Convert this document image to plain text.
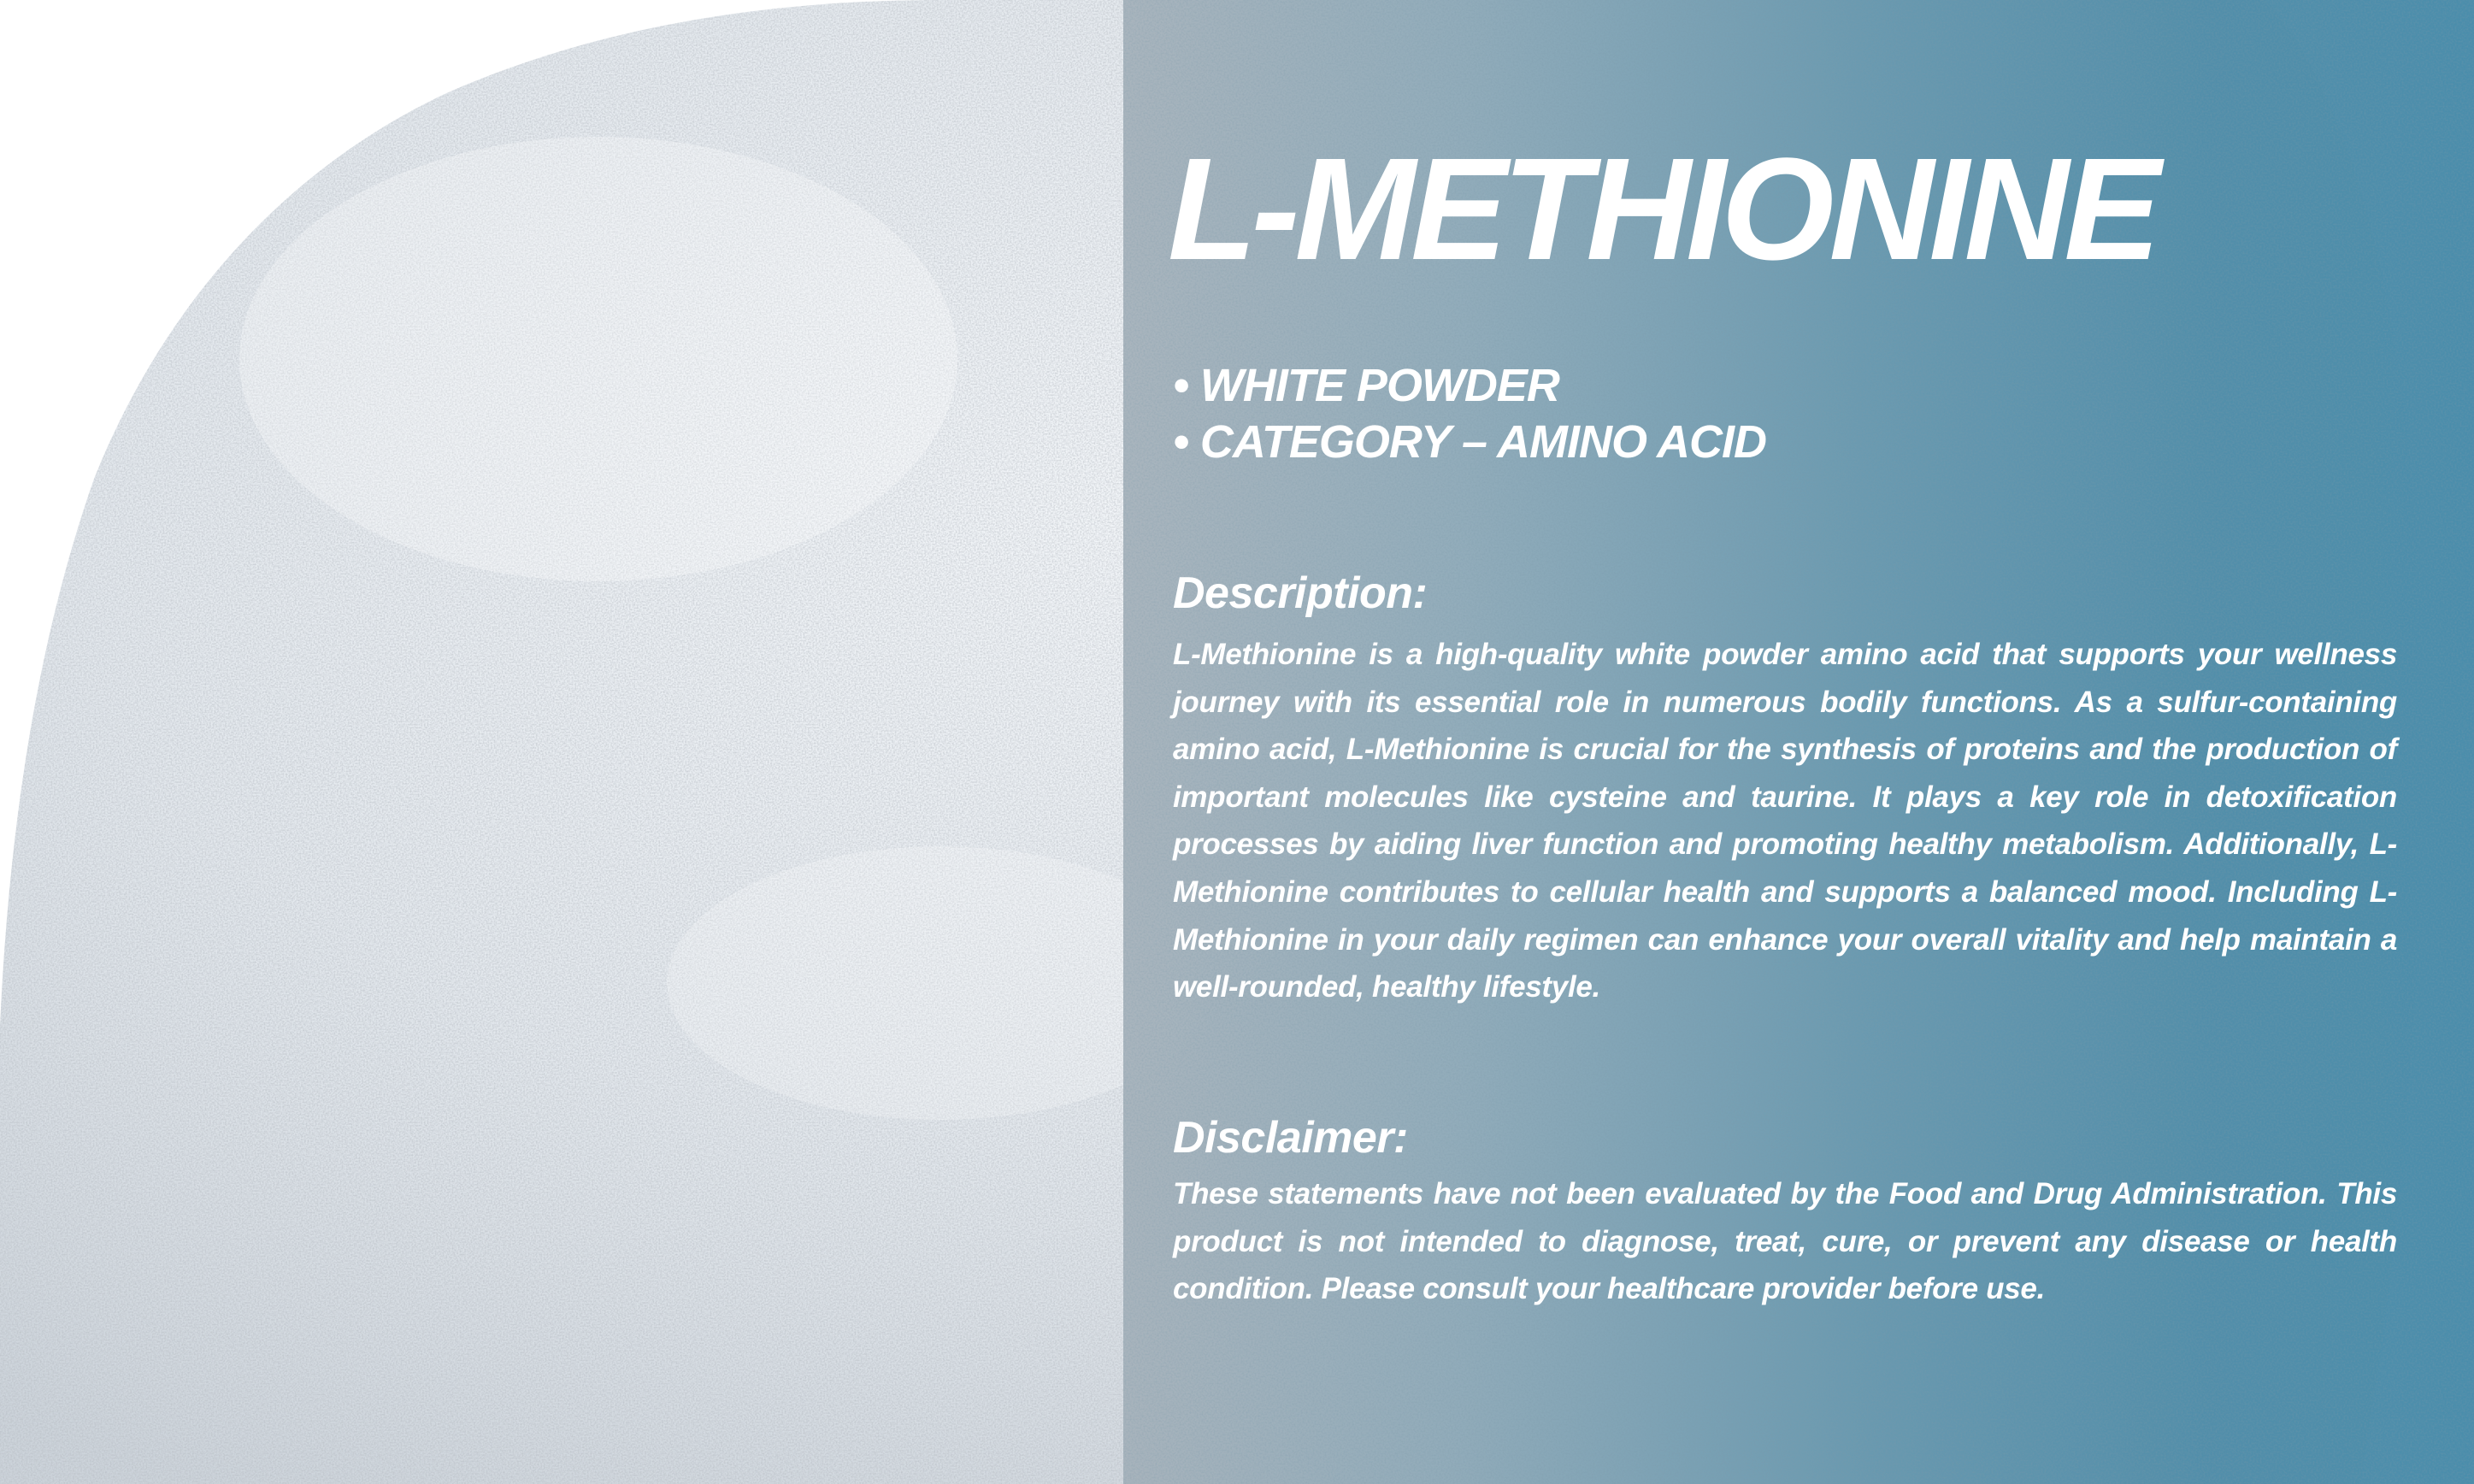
L-METHIONINE
• WHITE POWDER
• CATEGORY – AMINO ACID
Description:

L-Methionine is a high-quality white powder amino acid that supports your wellness journey with its essential role in numerous bodily functions. As a sulfur-containing amino acid, L-Methionine is crucial for the synthesis of proteins and the production of important molecules like cysteine and taurine. It plays a key role in detoxification processes by aiding liver function and promoting healthy metabolism. Additionally, L-Methionine contributes to cellular health and supports a balanced mood. Including L-Methionine in your daily regimen can enhance your overall vitality and help maintain a well-rounded, healthy lifestyle.

Disclaimer:

These statements have not been evaluated by the Food and Drug Administration. This product is not intended to diagnose, treat, cure, or prevent any disease or health condition. Please consult your healthcare provider before use.
